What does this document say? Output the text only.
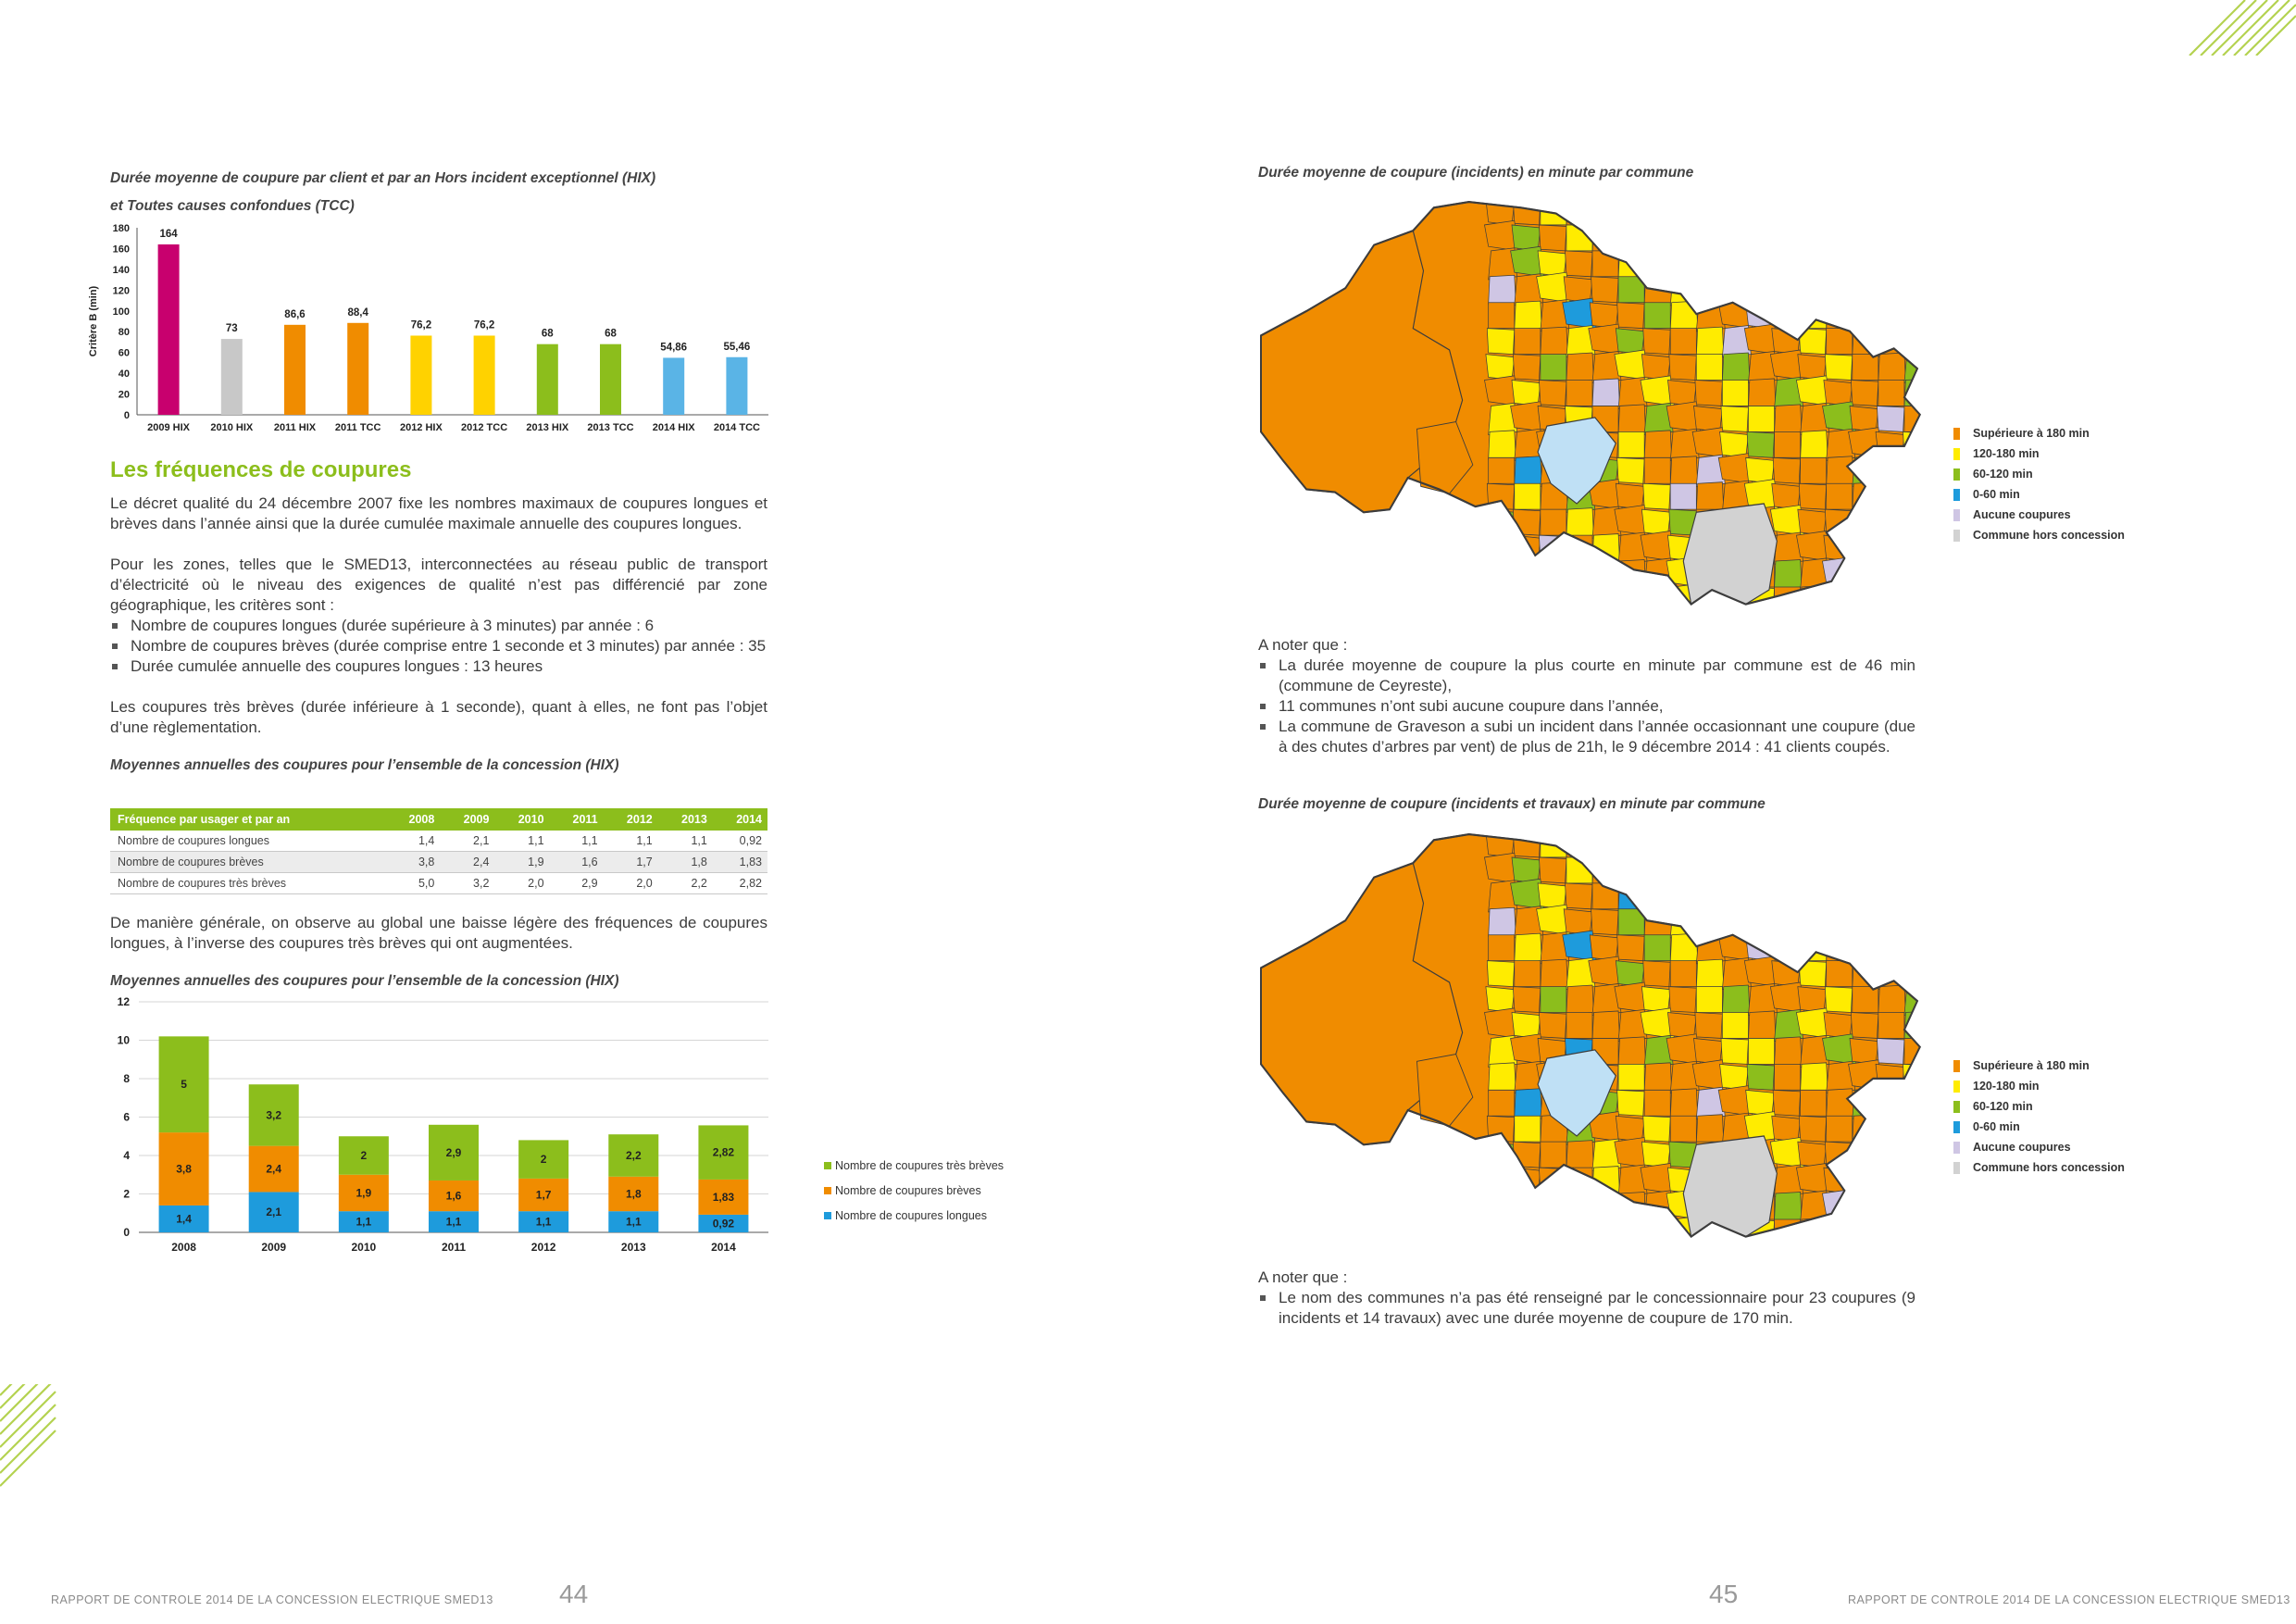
Durée moyenne de coupure par client et par an Hors incident exceptionnel (HIX)
et Toutes causes confondues (TCC)
0
20
40
60
80
100
120
140
160
180
Critère B (min)
164
2009 HIX
73
2010 HIX
86,6
2011 HIX
88,4
2011 TCC
76,2
2012 HIX
76,2
2012 TCC
68
2013 HIX
68
2013 TCC
54,86
2014 HIX
55,46
2014 TCC
Les fréquences de coupures

Le décret qualité du 24 décembre 2007 fixe les nombres maximaux de coupures longues et brèves dans l’année ainsi que la durée cumulée maximale annuelle des coupures longues.

Pour les zones, telles que le SMED13, interconnectées au réseau public de transport d’électricité où le niveau des exigences de qualité n’est pas différencié par zone géographique, les critères sont :

Nombre de coupures longues (durée supérieure à 3 minutes) par année : 6
Nombre de coupures brèves (durée comprise entre 1 seconde et 3 minutes) par année : 35
Durée cumulée annuelle des coupures longues : 13 heures

Les coupures très brèves (durée inférieure à 1 seconde), quant à elles, ne font pas l’objet d’une règlementation.

Moyennes annuelles des coupures pour l’ensemble de la concession (HIX)
Fréquence par usager et par an	2008	2009	2010	2011	2012	2013	2014
Nombre de coupures longues	1,4	2,1	1,1	1,1	1,1	1,1	0,92
Nombre de coupures brèves	3,8	2,4	1,9	1,6	1,7	1,8	1,83
Nombre de coupures très brèves	5,0	3,2	2,0	2,9	2,0	2,2	2,82
De manière générale, on observe au global une baisse légère des fréquences de coupures longues, à l’inverse des coupures très brèves qui ont augmentées.
Moyennes annuelles des coupures pour l’ensemble de la concession (HIX)
0
2
4
6
8
10
12
1,4
3,8
5
2008
2,1
2,4
3,2
2009
1,1
1,9
2
2010
1,1
1,6
2,9
2011
1,1
1,7
2
2012
1,1
1,8
2,2
2013
0,92
1,83
2,82
2014
Nombre de coupures très brèves
Nombre de coupures brèves
Nombre de coupures longues
Durée moyenne de coupure (incidents) en minute par commune
Supérieure à 180 min
120-180 min
60-120 min
0-60 min
Aucune coupures
Commune hors concession

A noter que :

La durée moyenne de coupure la plus courte en minute par commune est de 46 min (commune de Ceyreste),
11 communes n’ont subi aucune coupure dans l’année,
La commune de Graveson a subi un incident dans l’année occasionnant une coupure (due à des chutes d’arbres par vent) de plus de 21h, le 9 décembre 2014 : 41 clients coupés.
Durée moyenne de coupure (incidents et travaux) en minute par commune
Supérieure à 180 min
120-180 min
60-120 min
0-60 min
Aucune coupures
Commune hors concession

A noter que :

Le nom des communes n’a pas été renseigné par le concessionnaire pour 23 coupures (9 incidents et 14 travaux) avec une durée moyenne de coupure de 170 min.
RAPPORT DE CONTROLE 2014 DE LA CONCESSION ELECTRIQUE SMED13	44	45	RAPPORT DE CONTROLE 2014 DE LA CONCESSION ELECTRIQUE SMED13
